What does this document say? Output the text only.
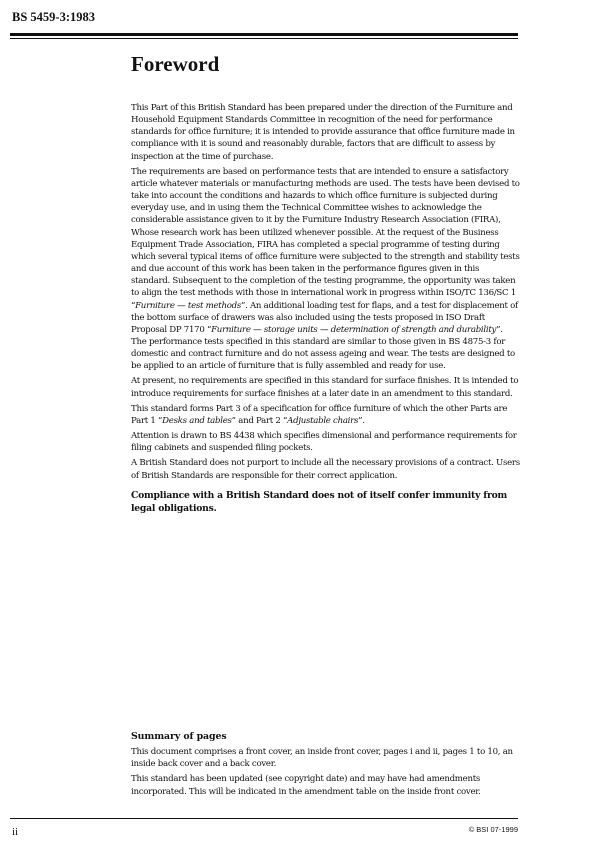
BS 5459-3:1983
Foreword

This Part of this British Standard has been prepared under the direction of the Furniture and Household Equipment Standards Committee in recognition of the need for performance standards for office furniture; it is intended to provide assurance that office furniture made in compliance with it is sound and reasonably durable, factors that are difficult to assess by inspection at the time of purchase.

The requirements are based on performance tests that are intended to ensure a satisfactory article whatever materials or manufacturing methods are used. The tests have been devised to take into account the conditions and hazards to which office furniture is subjected during everyday use, and in using them the Technical Committee wishes to acknowledge the considerable assistance given to it by the Furniture Industry Research Association (FIRA), Whose research work has been utilized whenever possible. At the request of the Business Equipment Trade Association, FIRA has completed a special programme of testing during which several typical items of office furniture were subjected to the strength and stability tests and due account of this work has been taken in the performance figures given in this standard. Subsequent to the completion of the testing programme, the opportunity was taken to align the test methods with those in international work in progress within ISO/TC 136/SC 1 “Furniture — test methods”. An additional loading test for flaps, and a test for displacement of the bottom surface of drawers was also included using the tests proposed in ISO Draft Proposal DP 7170 “Furniture — storage units — determination of strength and durability”. The performance tests specified in this standard are similar to those given in BS 4875-3 for domestic and contract furniture and do not assess ageing and wear. The tests are designed to be applied to an article of furniture that is fully assembled and ready for use.

At present, no requirements are specified in this standard for surface finishes. It is intended to introduce requirements for surface finishes at a later date in an amendment to this standard.

This standard forms Part 3 of a specification for office furniture of which the other Parts are Part 1 “Desks and tables” and Part 2 “Adjustable chairs”.

Attention is drawn to BS 4438 which specifies dimensional and performance requirements for filing cabinets and suspended filing pockets.

A British Standard does not purport to include all the necessary provisions of a contract. Users of British Standards are responsible for their correct application.

Compliance with a British Standard does not of itself confer immunity from legal obligations.

Summary of pages

This document comprises a front cover, an inside front cover, pages i and ii, pages 1 to 10, an inside back cover and a back cover.

This standard has been updated (see copyright date) and may have had amendments incorporated. This will be indicated in the amendment table on the inside front cover.

ii	© BSI 07-1999
